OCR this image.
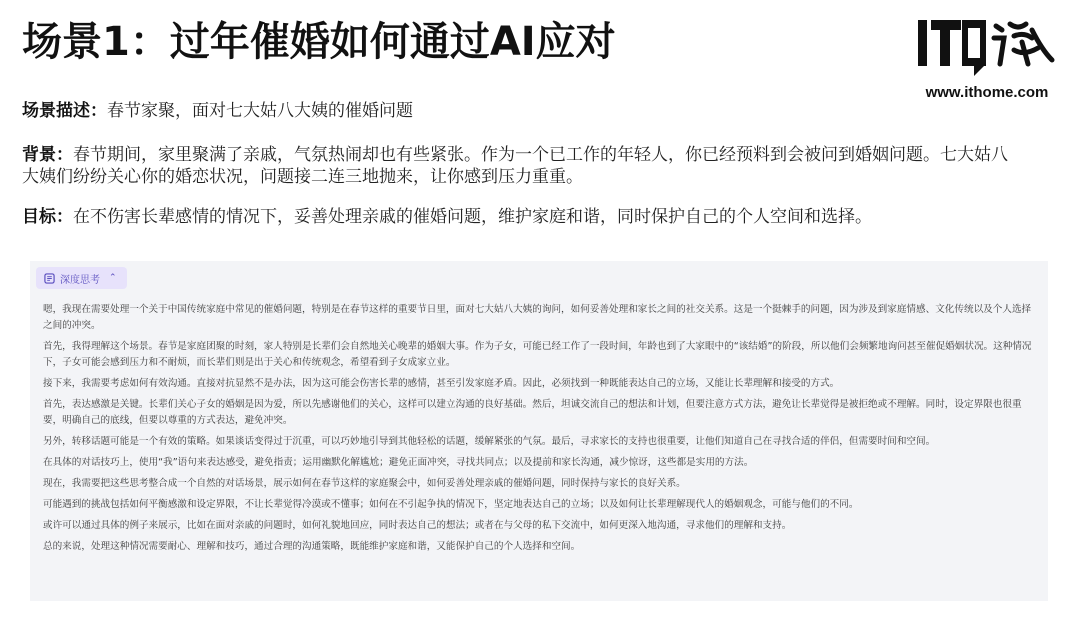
场景1：过年催婚如何通过AI应对
www.ithome.com
场景描述：春节家聚，面对七大姑八大姨的催婚问题
背景：春节期间，家里聚满了亲戚，气氛热闹却也有些紧张。作为一个已工作的年轻人，你已经预料到会被问到婚姻问题。七大姑八大姨们纷纷关心你的婚恋状况，问题接二连三地抛来，让你感到压力重重。
目标：在不伤害长辈感情的情况下，妥善处理亲戚的催婚问题，维护家庭和谐，同时保护自己的个人空间和选择。
深度思考 ⌃

嗯，我现在需要处理一个关于中国传统家庭中常见的催婚问题，特别是在春节这样的重要节日里，面对七大姑八大姨的询问，如何妥善处理和家长之间的社交关系。这是一个挺棘手的问题，因为涉及到家庭情感、文化传统以及个人选择之间的冲突。

首先，我得理解这个场景。春节是家庭团聚的时刻，家人特别是长辈们会自然地关心晚辈的婚姻大事。作为子女，可能已经工作了一段时间，年龄也到了大家眼中的“该结婚”的阶段，所以他们会频繁地询问甚至催促婚姻状况。这种情况下，子女可能会感到压力和不耐烦，而长辈们则是出于关心和传统观念，希望看到子女成家立业。

接下来，我需要考虑如何有效沟通。直接对抗显然不是办法，因为这可能会伤害长辈的感情，甚至引发家庭矛盾。因此，必须找到一种既能表达自己的立场，又能让长辈理解和接受的方式。

首先，表达感激是关键。长辈们关心子女的婚姻是因为爱，所以先感谢他们的关心，这样可以建立沟通的良好基础。然后，坦诚交流自己的想法和计划，但要注意方式方法，避免让长辈觉得是被拒绝或不理解。同时，设定界限也很重要，明确自己的底线，但要以尊重的方式表达，避免冲突。

另外，转移话题可能是一个有效的策略。如果谈话变得过于沉重，可以巧妙地引导到其他轻松的话题，缓解紧张的气氛。最后，寻求家长的支持也很重要，让他们知道自己在寻找合适的伴侣，但需要时间和空间。

在具体的对话技巧上，使用“我”语句来表达感受，避免指责；运用幽默化解尴尬；避免正面冲突，寻找共同点；以及提前和家长沟通，减少惊讶，这些都是实用的方法。

现在，我需要把这些思考整合成一个自然的对话场景，展示如何在春节这样的家庭聚会中，如何妥善处理亲戚的催婚问题，同时保持与家长的良好关系。

可能遇到的挑战包括如何平衡感激和设定界限，不让长辈觉得冷漠或不懂事；如何在不引起争执的情况下，坚定地表达自己的立场；以及如何让长辈理解现代人的婚姻观念，可能与他们的不同。

或许可以通过具体的例子来展示，比如在面对亲戚的问题时，如何礼貌地回应，同时表达自己的想法；或者在与父母的私下交流中，如何更深入地沟通，寻求他们的理解和支持。

总的来说，处理这种情况需要耐心、理解和技巧，通过合理的沟通策略，既能维护家庭和谐，又能保护自己的个人选择和空间。
